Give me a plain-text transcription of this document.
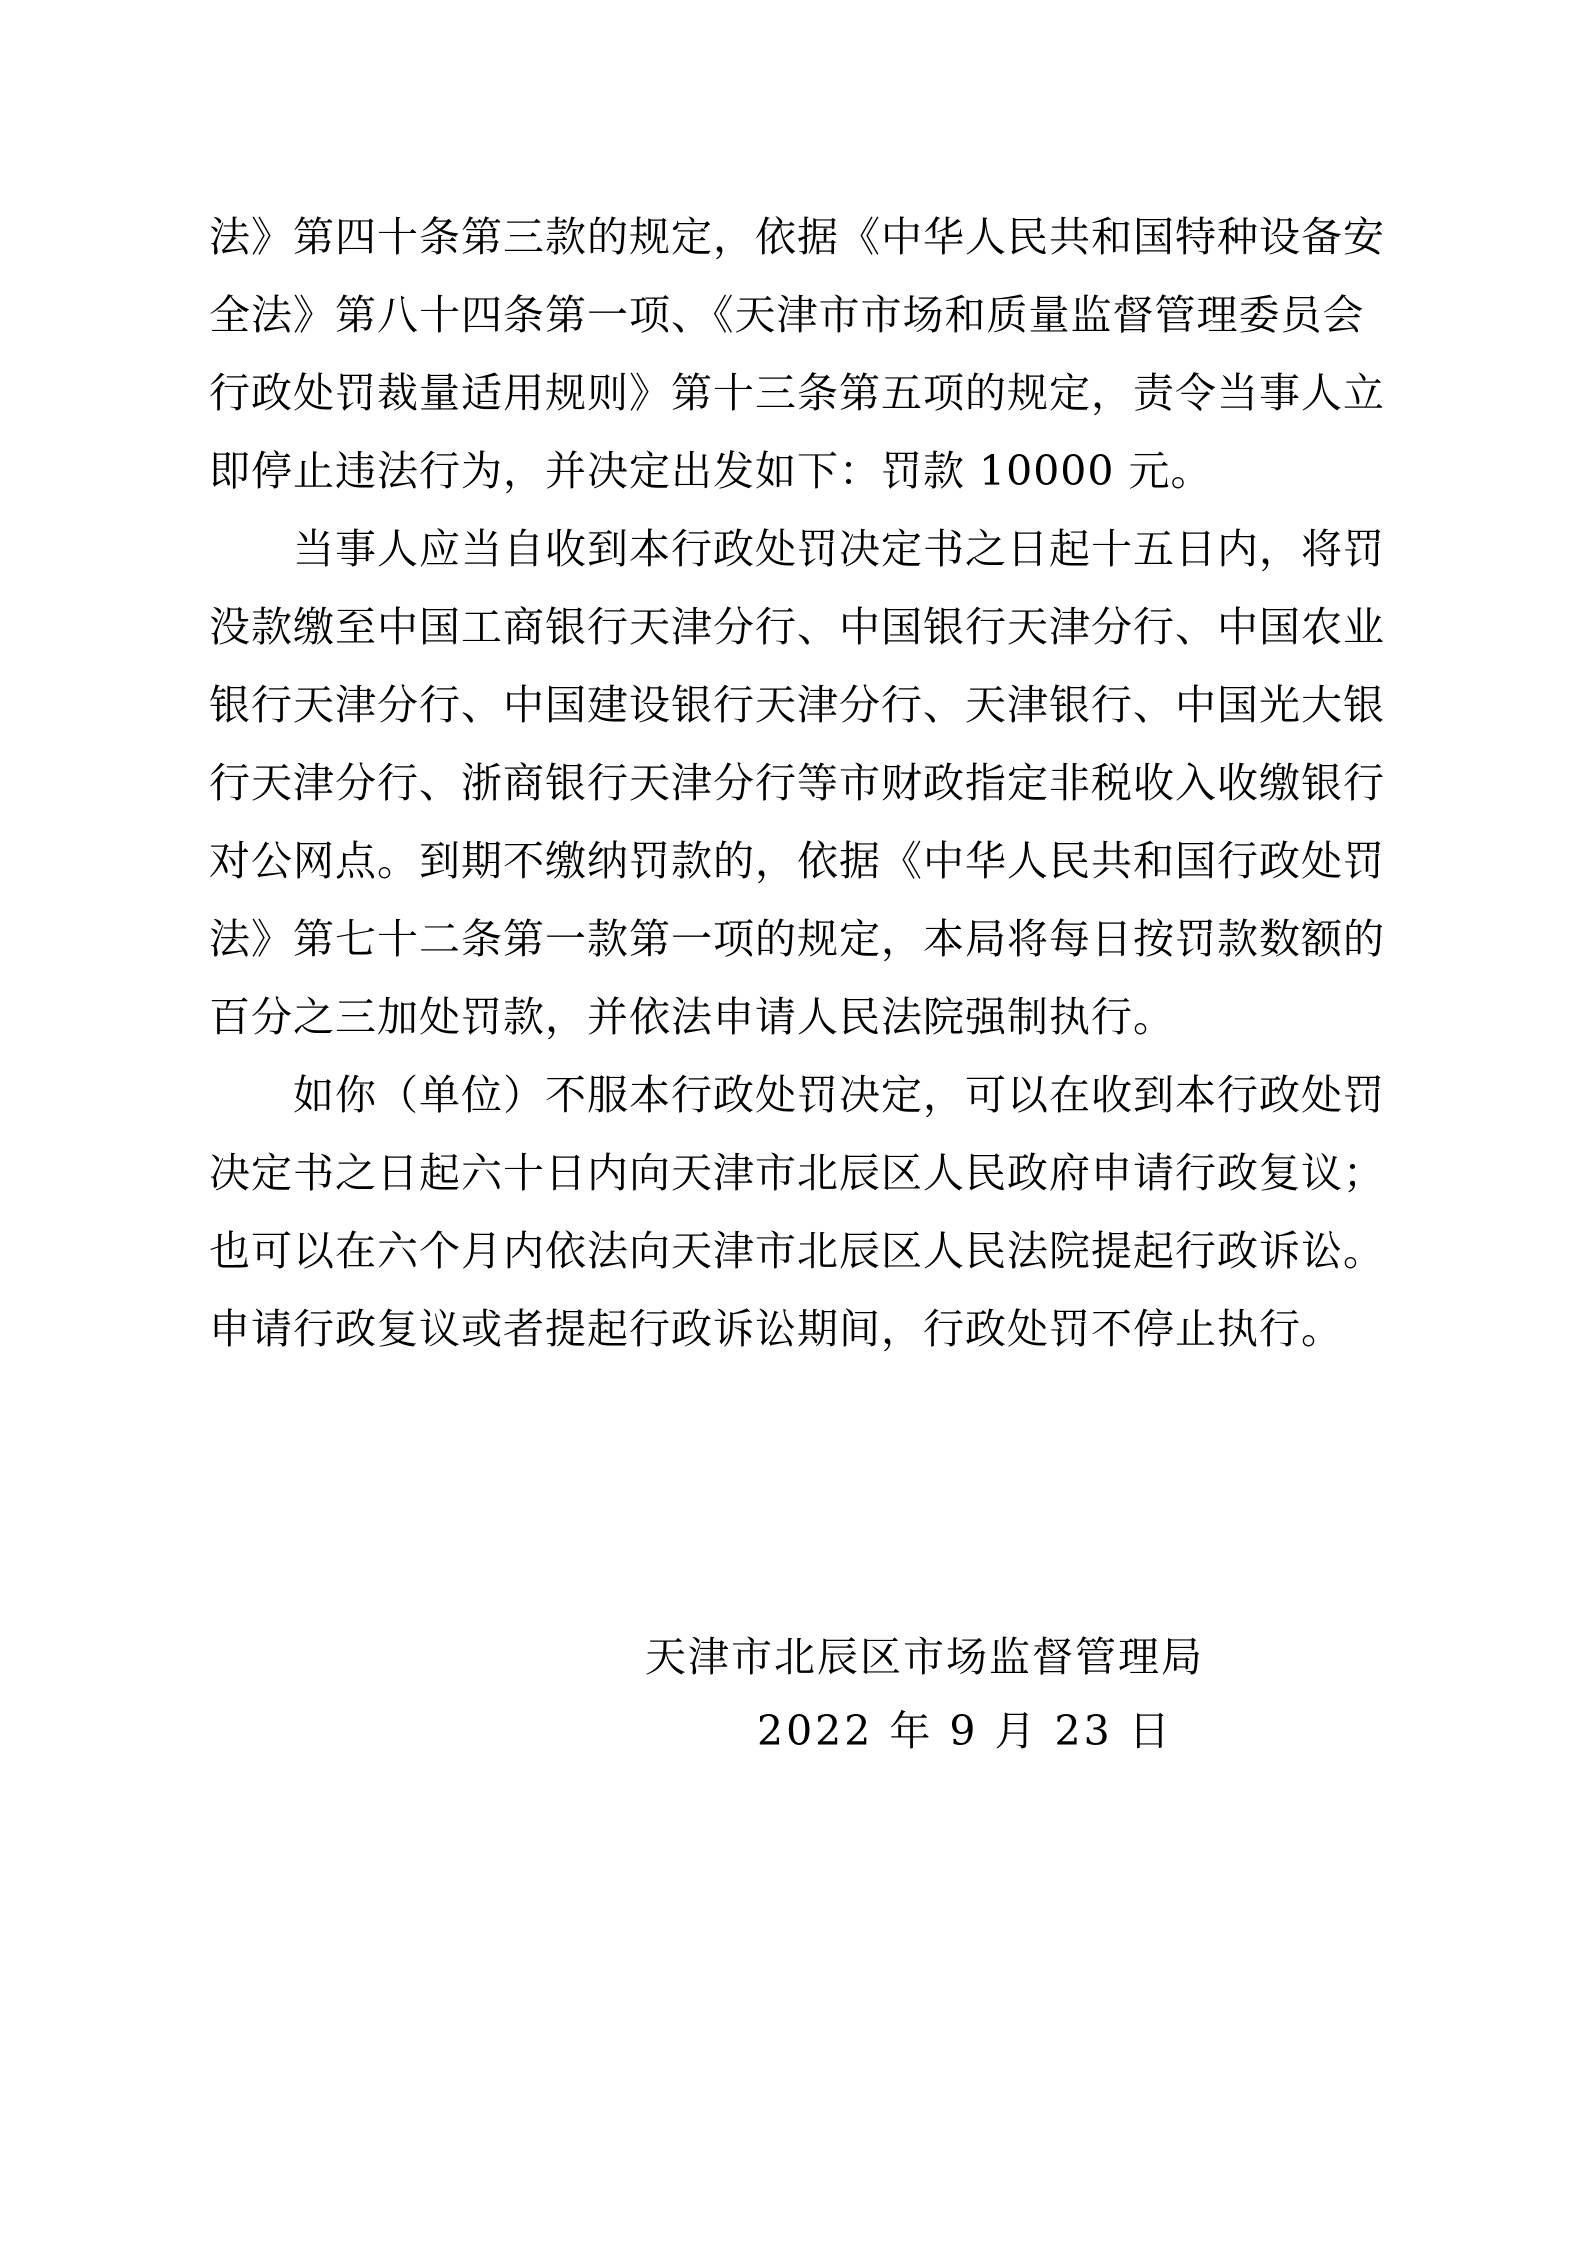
法》第四十条第三款的规定，依据《中华人民共和国特种设备安
全法》第八十四条第一项、《天津市市场和质量监督管理委员会
行政处罚裁量适用规则》第十三条第五项的规定，责令当事人立
即停止违法行为，并决定出发如下：罚款 10000 元。
　　当事人应当自收到本行政处罚决定书之日起十五日内，将罚
没款缴至中国工商银行天津分行、中国银行天津分行、中国农业
银行天津分行、中国建设银行天津分行、天津银行、中国光大银
行天津分行、浙商银行天津分行等市财政指定非税收入收缴银行
对公网点。到期不缴纳罚款的，依据《中华人民共和国行政处罚
法》第七十二条第一款第一项的规定，本局将每日按罚款数额的
百分之三加处罚款，并依法申请人民法院强制执行。
　　如你（单位）不服本行政处罚决定，可以在收到本行政处罚
决定书之日起六十日内向天津市北辰区人民政府申请行政复议；
也可以在六个月内依法向天津市北辰区人民法院提起行政诉讼。
申请行政复议或者提起行政诉讼期间，行政处罚不停止执行。
天津市北辰区市场监督管理局
2022 年 9 月 23 日
